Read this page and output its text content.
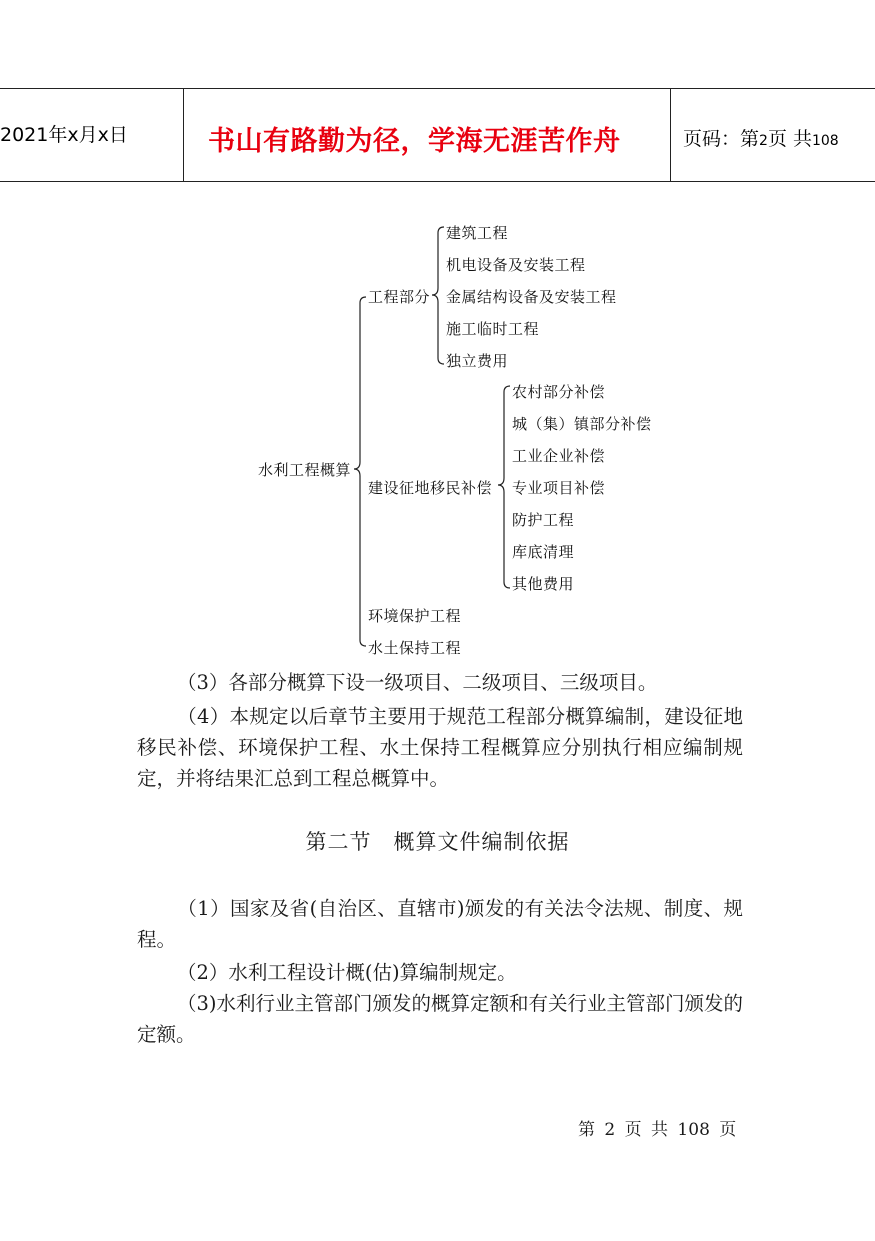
2021年x月x日	书山有路勤为径，学海无涯苦作舟	页码：第2页 共108
水利工程概算
工程部分
建筑工程
机电设备及安装工程
金属结构设备及安装工程
施工临时工程
独立费用
建设征地移民补偿
农村部分补偿
城（集）镇部分补偿
工业企业补偿
专业项目补偿
防护工程
库底清理
其他费用
环境保护工程
水土保持工程
（3）各部分概算下设一级项目、二级项目、三级项目。
（4）本规定以后章节主要用于规范工程部分概算编制，建设征地移民补偿、环境保护工程、水土保持工程概算应分别执行相应编制规定，并将结果汇总到工程总概算中。
第二节　概算文件编制依据
（1）国家及省(自治区、直辖市)颁发的有关法令法规、制度、规程。
（2）水利工程设计概(估)算编制规定。
（3)水利行业主管部门颁发的概算定额和有关行业主管部门颁发的定额。
第 2 页 共 108 页
